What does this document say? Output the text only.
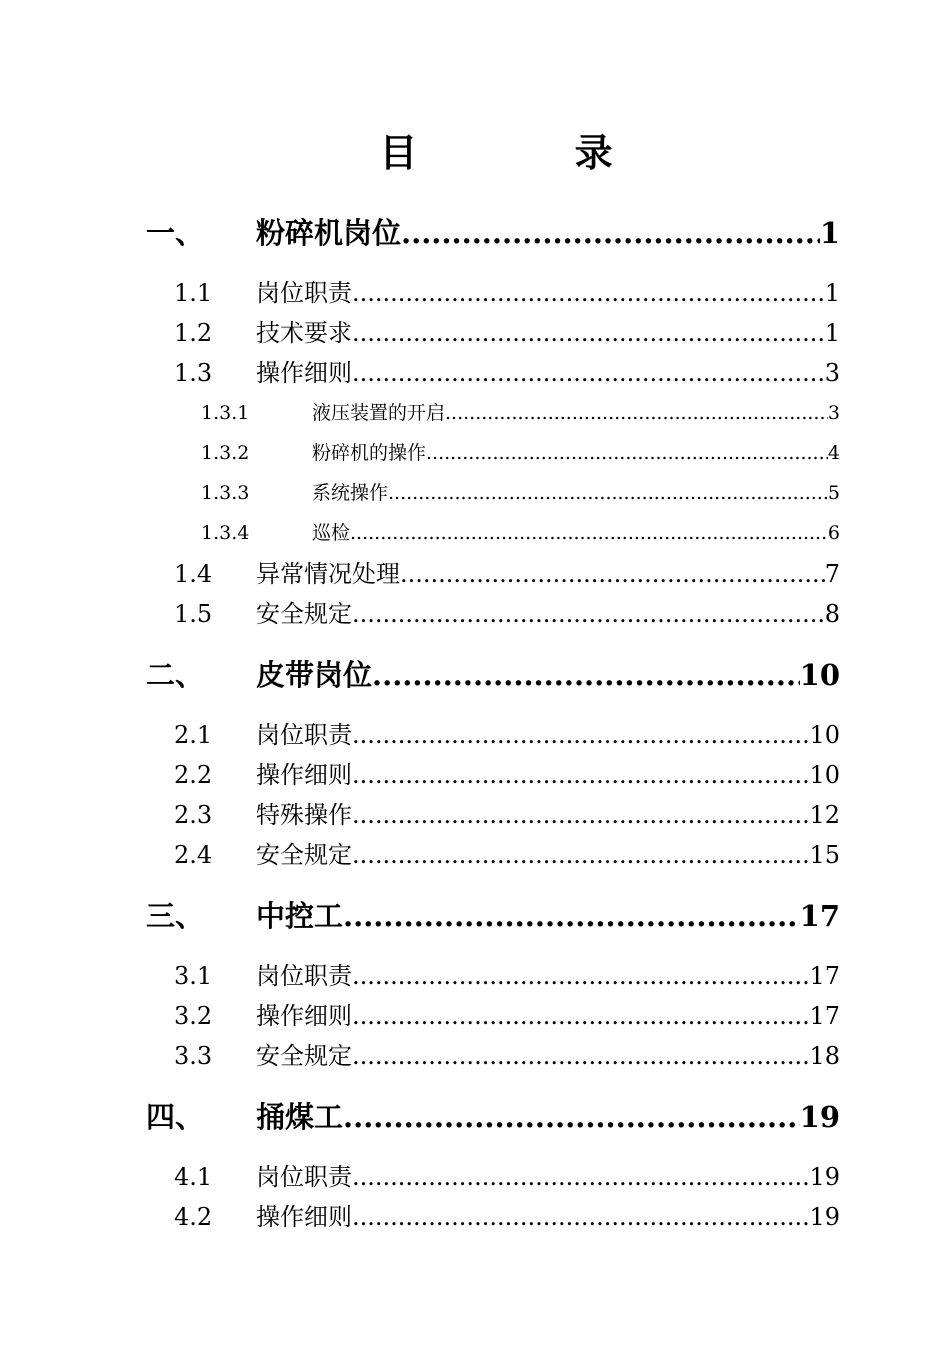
目 录
一、 粉碎机岗位 .....	1
1.1 岗位职责 .....	1
1.2 技术要求 .....	1
1.3 操作细则 .....	3
1.3.1	液压装置的开启 .....	3
1.3.2	粉碎机的操作 .....	4
1.3.3	系统操作 .....	5
1.3.4	巡检 .....	6
1.4 异常情况处理 .....	7
1.5 安全规定 .....	8
二、 皮带岗位 .....	10
2.1 岗位职责 .....	10
2.2 操作细则 .....	10
2.3 特殊操作 .....	12
2.4 安全规定 .....	15
三、 中控工 .....	17
3.1 岗位职责 .....	17
3.2 操作细则 .....	17
3.3 安全规定 .....	18
四、 捅煤工 .....	19
4.1 岗位职责 .....	19
4.2 操作细则 .....	19
